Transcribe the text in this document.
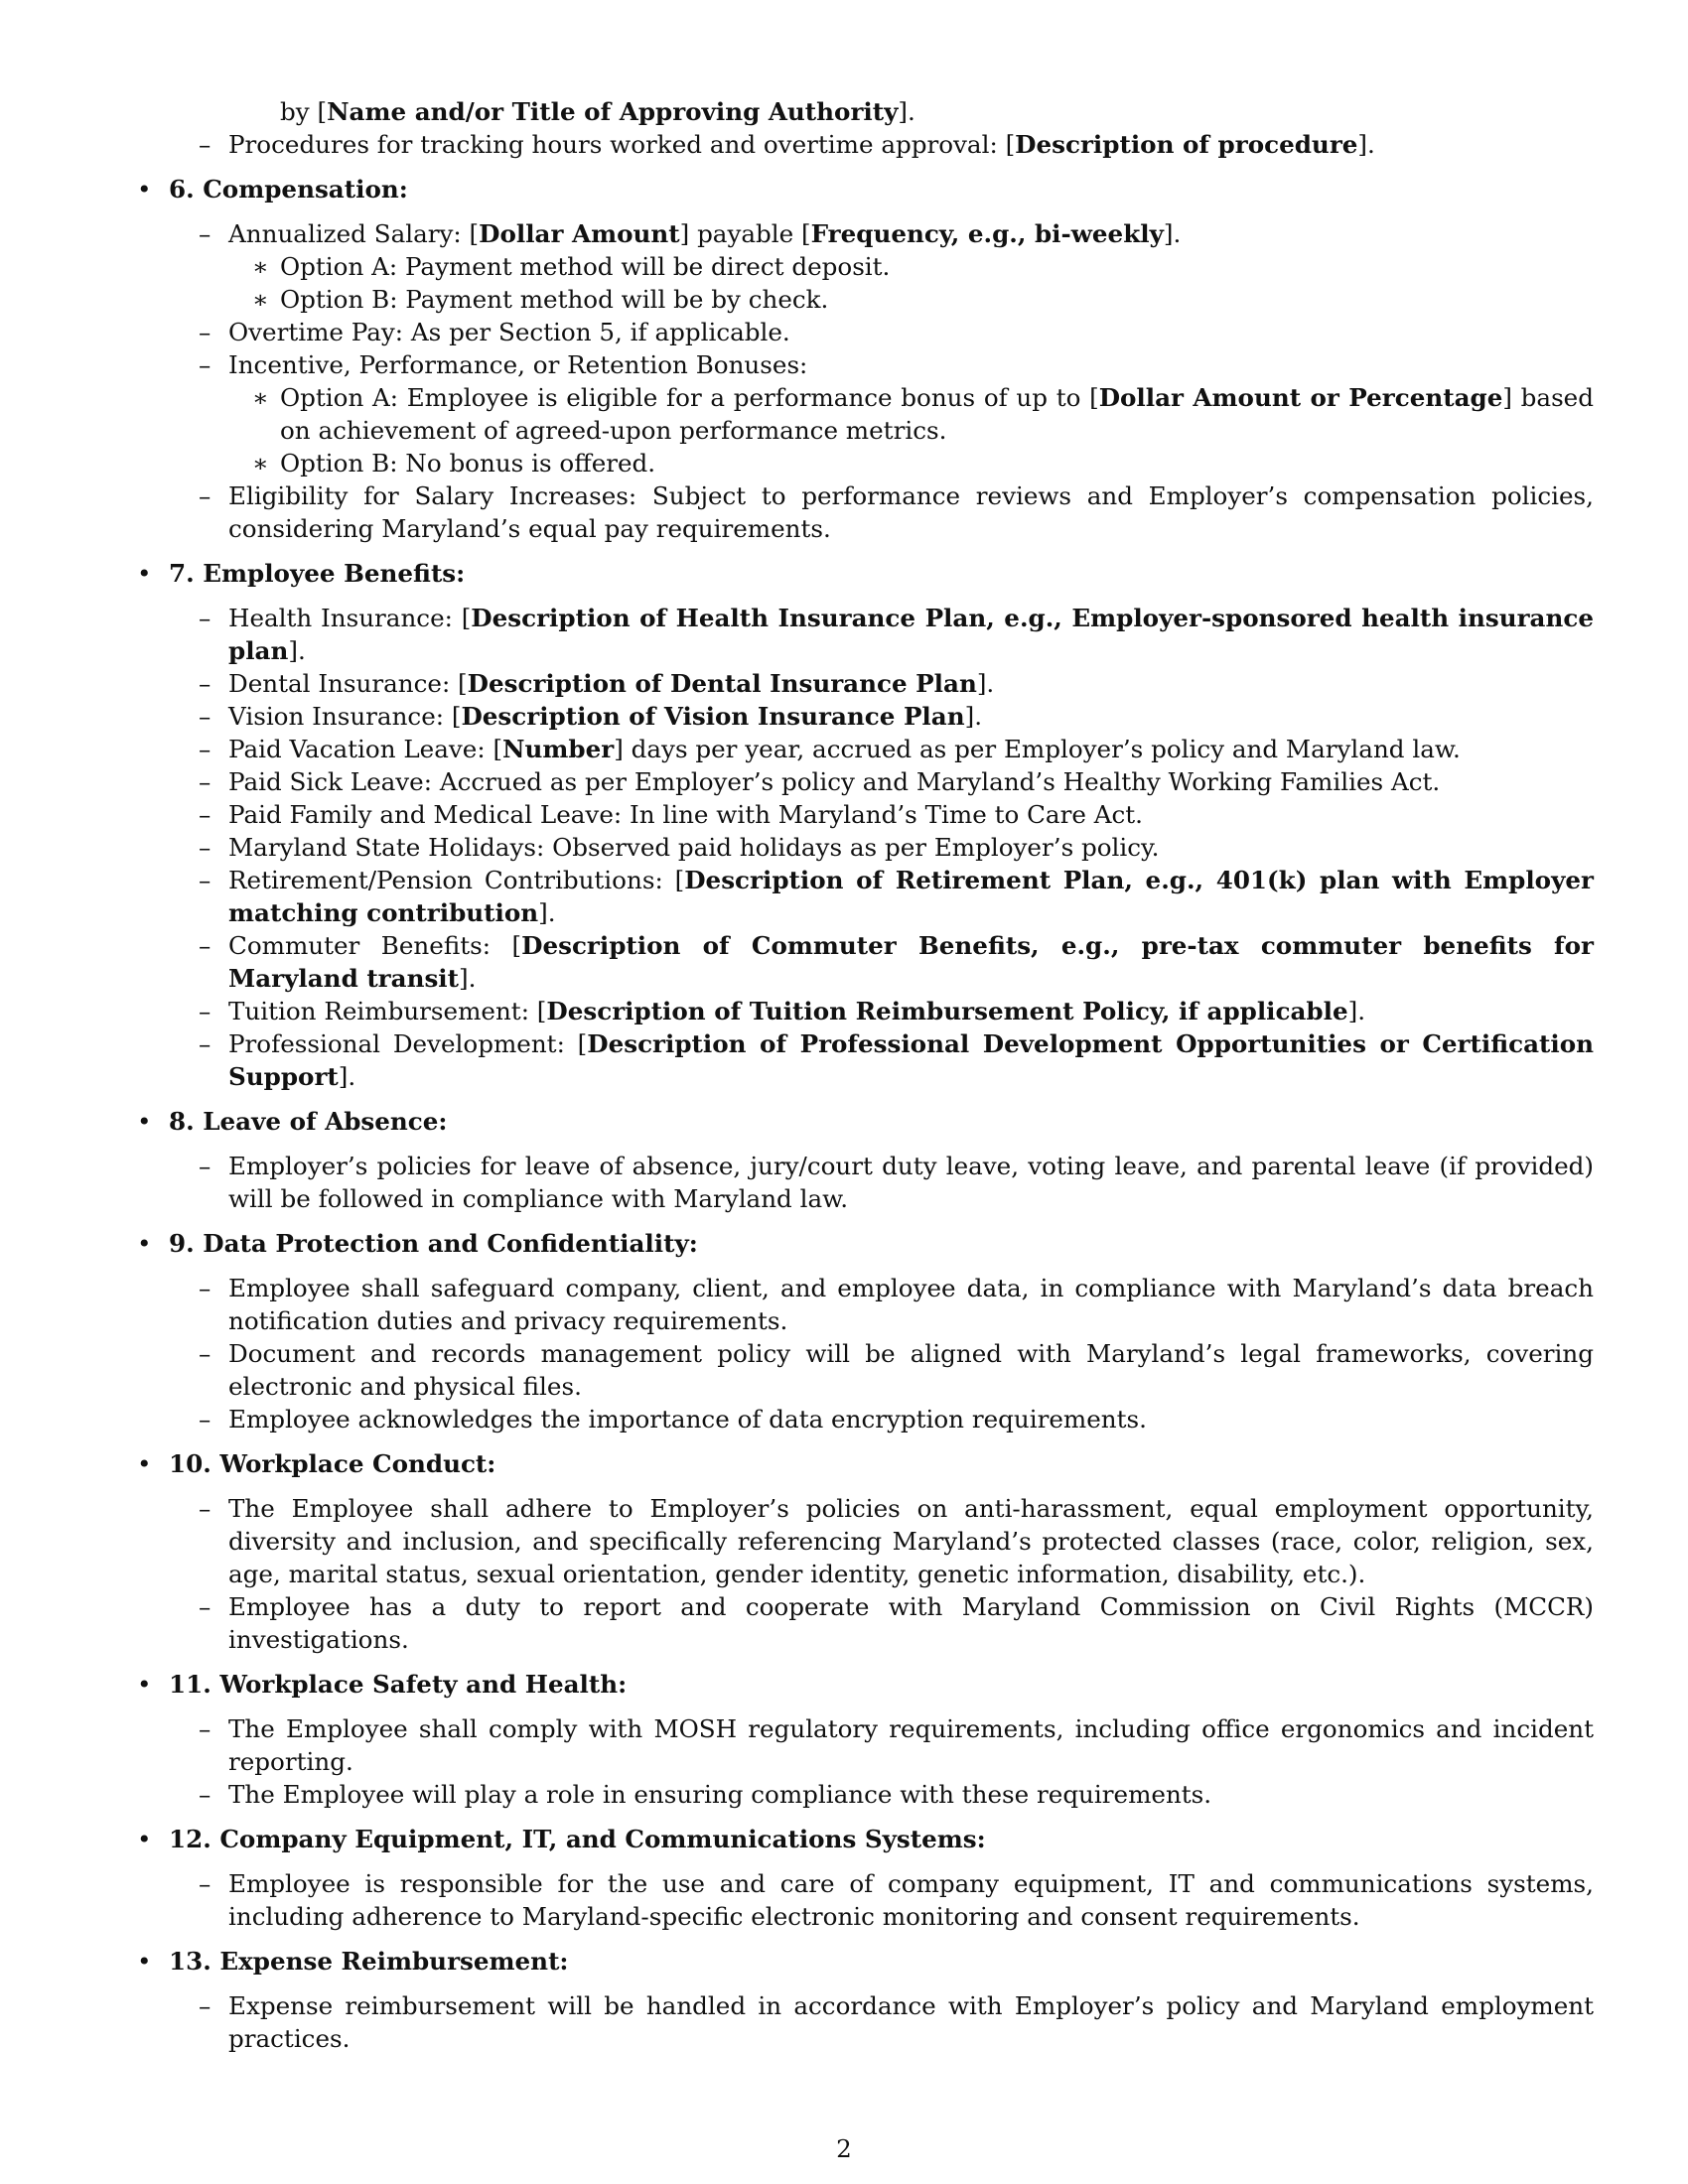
by [Name and/or Title of Approving Authority].
– Procedures for tracking hours worked and overtime approval: [Description of procedure].
• 6. Compensation:
– Annualized Salary: [Dollar Amount] payable [Frequency, e.g., bi-weekly].
∗ Option A: Payment method will be direct deposit.
∗ Option B: Payment method will be by check.
– Overtime Pay: As per Section 5, if applicable.
– Incentive, Performance, or Retention Bonuses:
∗ Option A: Employee is eligible for a performance bonus of up to [Dollar Amount or Percentage] based on achievement of agreed-upon performance metrics.
∗ Option B: No bonus is offered.
– Eligibility for Salary Increases: Subject to performance reviews and Employer’s compensation policies, considering Maryland’s equal pay requirements.
• 7. Employee Benefits:
– Health Insurance: [Description of Health Insurance Plan, e.g., Employer-sponsored health insurance plan].
– Dental Insurance: [Description of Dental Insurance Plan].
– Vision Insurance: [Description of Vision Insurance Plan].
– Paid Vacation Leave: [Number] days per year, accrued as per Employer’s policy and Maryland law.
– Paid Sick Leave: Accrued as per Employer’s policy and Maryland’s Healthy Working Families Act.
– Paid Family and Medical Leave: In line with Maryland’s Time to Care Act.
– Maryland State Holidays: Observed paid holidays as per Employer’s policy.
– Retirement/Pension Contributions: [Description of Retirement Plan, e.g., 401(k) plan with Employer matching contribution].
– Commuter Benefits: [Description of Commuter Benefits, e.g., pre-tax commuter benefits for Maryland transit].
– Tuition Reimbursement: [Description of Tuition Reimbursement Policy, if applicable].
– Professional Development: [Description of Professional Development Opportunities or Certification Support].
• 8. Leave of Absence:
– Employer’s policies for leave of absence, jury/court duty leave, voting leave, and parental leave (if provided) will be followed in compliance with Maryland law.
• 9. Data Protection and Confidentiality:
– Employee shall safeguard company, client, and employee data, in compliance with Maryland’s data breach notification duties and privacy requirements.
– Document and records management policy will be aligned with Maryland’s legal frameworks, covering electronic and physical files.
– Employee acknowledges the importance of data encryption requirements.
• 10. Workplace Conduct:
– The Employee shall adhere to Employer’s policies on anti-harassment, equal employment opportunity, diversity and inclusion, and specifically referencing Maryland’s protected classes (race, color, religion, sex, age, marital status, sexual orientation, gender identity, genetic information, disability, etc.).
– Employee has a duty to report and cooperate with Maryland Commission on Civil Rights (MCCR) investigations.
• 11. Workplace Safety and Health:
– The Employee shall comply with MOSH regulatory requirements, including office ergonomics and incident reporting.
– The Employee will play a role in ensuring compliance with these requirements.
• 12. Company Equipment, IT, and Communications Systems:
– Employee is responsible for the use and care of company equipment, IT and communications systems, including adherence to Maryland-specific electronic monitoring and consent requirements.
• 13. Expense Reimbursement:
– Expense reimbursement will be handled in accordance with Employer’s policy and Maryland employment practices.
2
